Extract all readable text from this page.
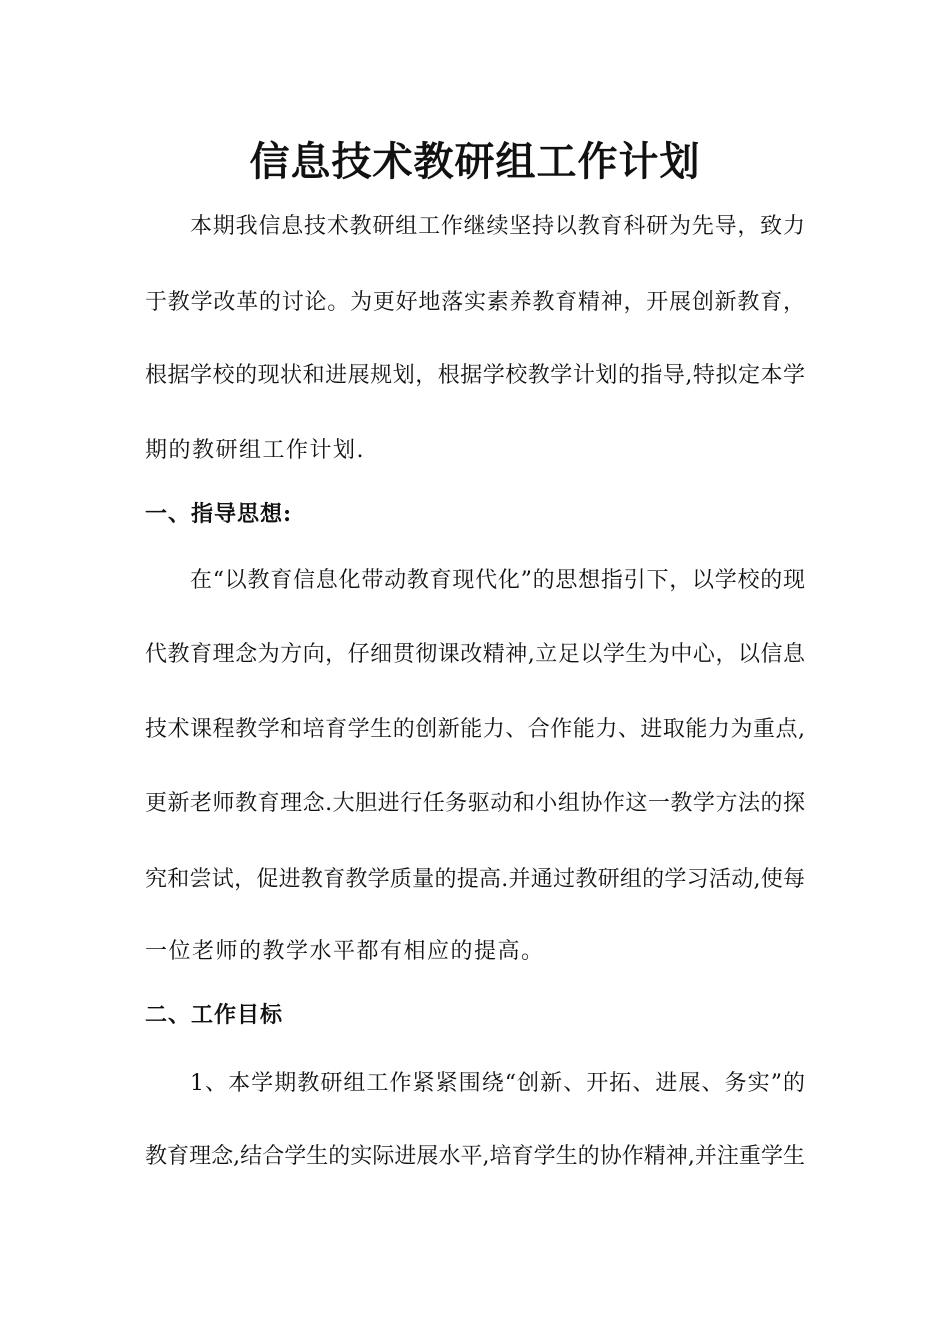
信息技术教研组工作计划
本期我信息技术教研组工作继续坚持以教育科研为先导，致力
于教学改革的讨论。为更好地落实素养教育精神，开展创新教育，
根据学校的现状和进展规划，根据学校教学计划的指导,特拟定本学
期的教研组工作计划.
一、指导思想:
在“以教育信息化带动教育现代化”的思想指引下，以学校的现
代教育理念为方向，仔细贯彻课改精神,立足以学生为中心，以信息
技术课程教学和培育学生的创新能力、合作能力、进取能力为重点,
更新老师教育理念.大胆进行任务驱动和小组协作这一教学方法的探
究和尝试，促进教育教学质量的提高.并通过教研组的学习活动,使每
一位老师的教学水平都有相应的提高。
二、工作目标
1、本学期教研组工作紧紧围绕“创新、开拓、进展、务实”的
教育理念,结合学生的实际进展水平,培育学生的协作精神,并注重学生
